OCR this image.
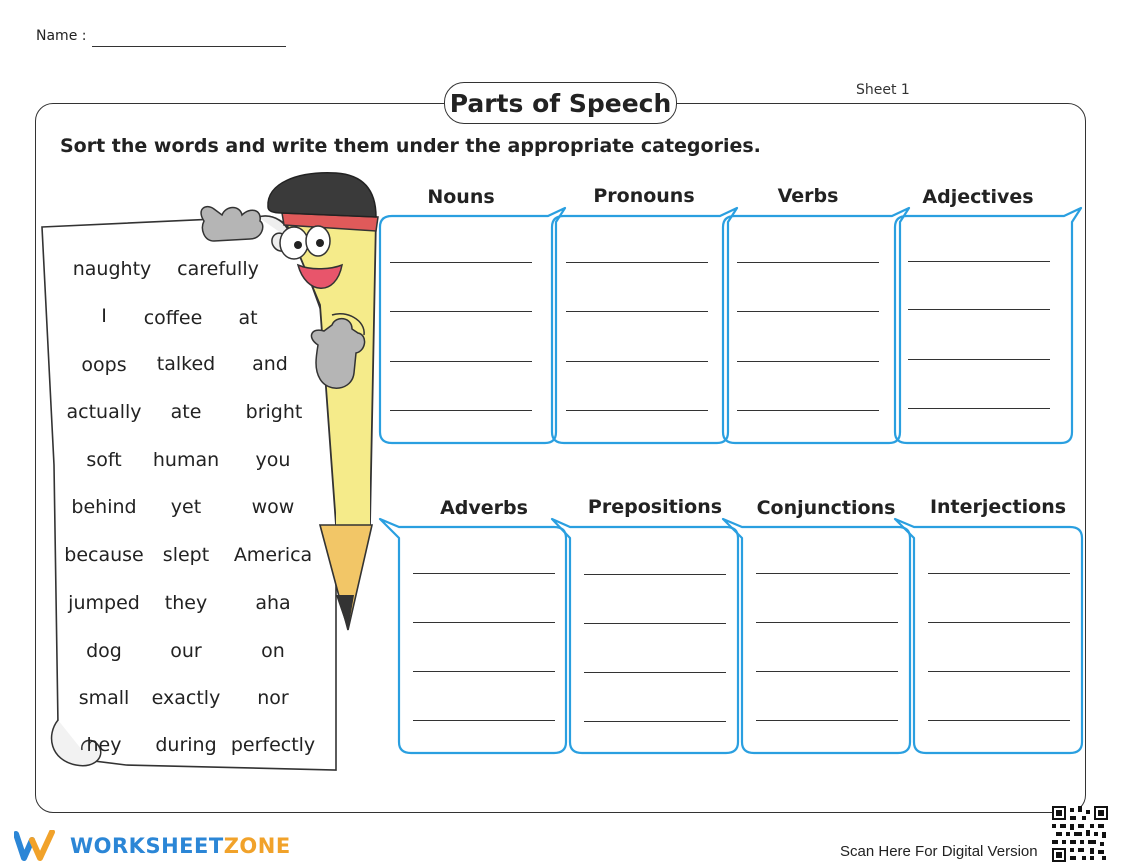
Name :
Sheet 1
Parts of Speech
Sort the words and write them under the appropriate categories.
naughty carefully
I coffee at
oops talked and
actually ate bright
soft human you
behind yet	wow
because slept America
jumped they	aha
dog	our	on
small exactly nor
hey during perfectly
Nouns	Pronouns	Verbs	Adjectives
Adverbs	Prepositions Conjunctions Interjections
WORKSHEETZONE	Scan Here For Digital Version
